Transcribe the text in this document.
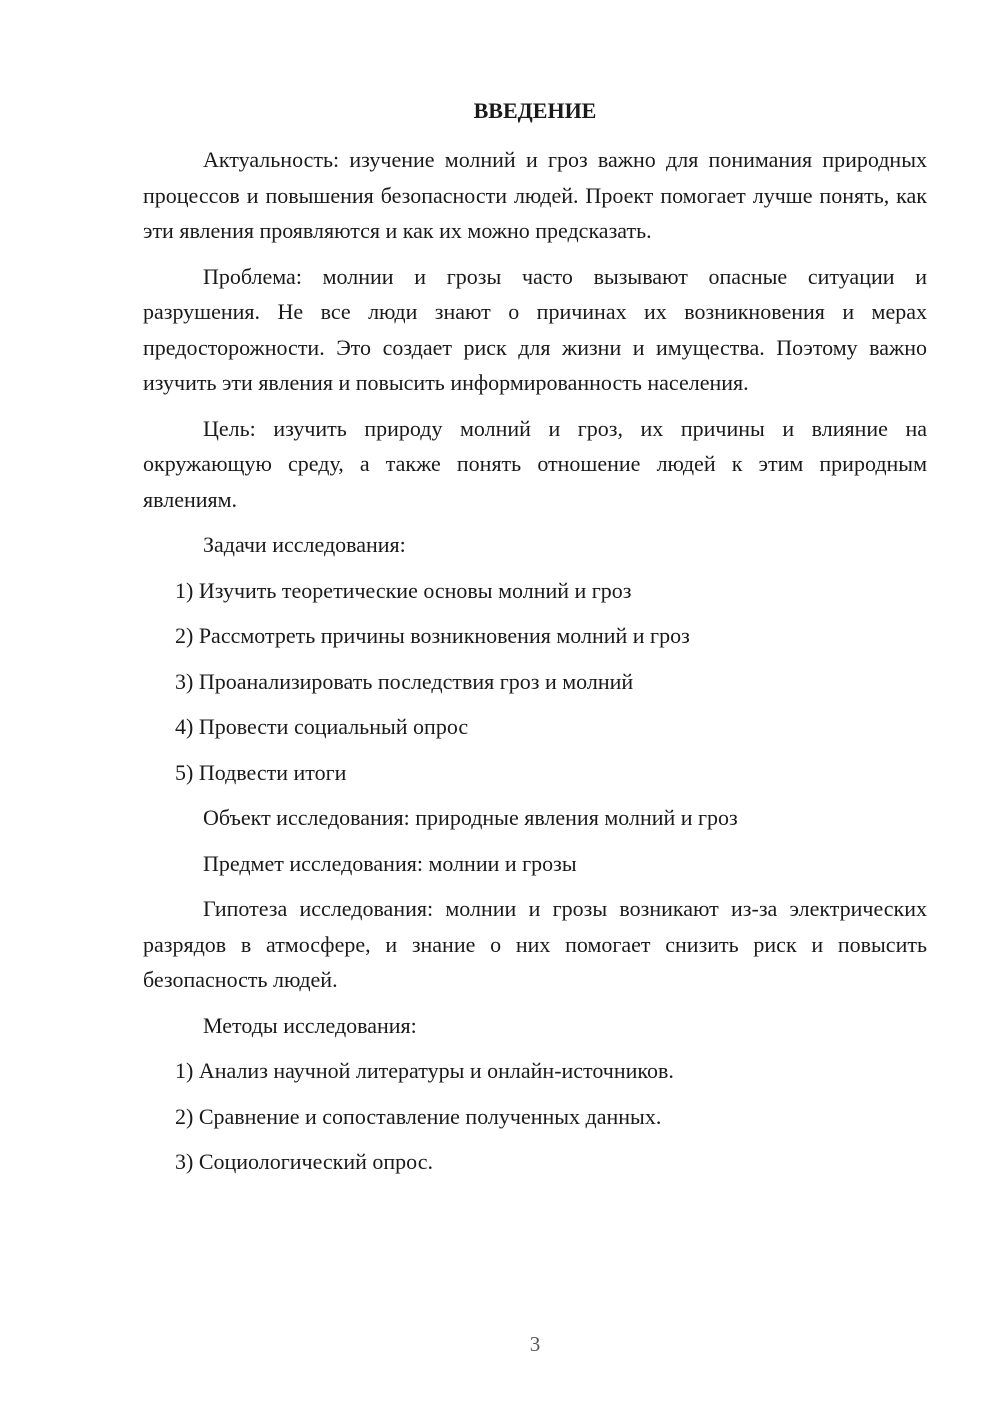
ВВЕДЕНИЕ
Актуальность: изучение молний и гроз важно для понимания природных процессов и повышения безопасности людей. Проект помогает лучше понять, как эти явления проявляются и как их можно предсказать.
Проблема: молнии и грозы часто вызывают опасные ситуации и разрушения. Не все люди знают о причинах их возникновения и мерах предосторожности. Это создает риск для жизни и имущества. Поэтому важно изучить эти явления и повысить информированность населения.
Цель: изучить природу молний и гроз, их причины и влияние на окружающую среду, а также понять отношение людей к этим природным явлениям.
Задачи исследования:
1) Изучить теоретические основы молний и гроз
2) Рассмотреть причины возникновения молний и гроз
3) Проанализировать последствия гроз и молний
4) Провести социальный опрос
5) Подвести итоги
Объект исследования: природные явления молний и гроз
Предмет исследования: молнии и грозы
Гипотеза исследования: молнии и грозы возникают из-за электрических разрядов в атмосфере, и знание о них помогает снизить риск и повысить безопасность людей.
Методы исследования:
1) Анализ научной литературы и онлайн-источников.
2) Сравнение и сопоставление полученных данных.
3) Социологический опрос.
3
